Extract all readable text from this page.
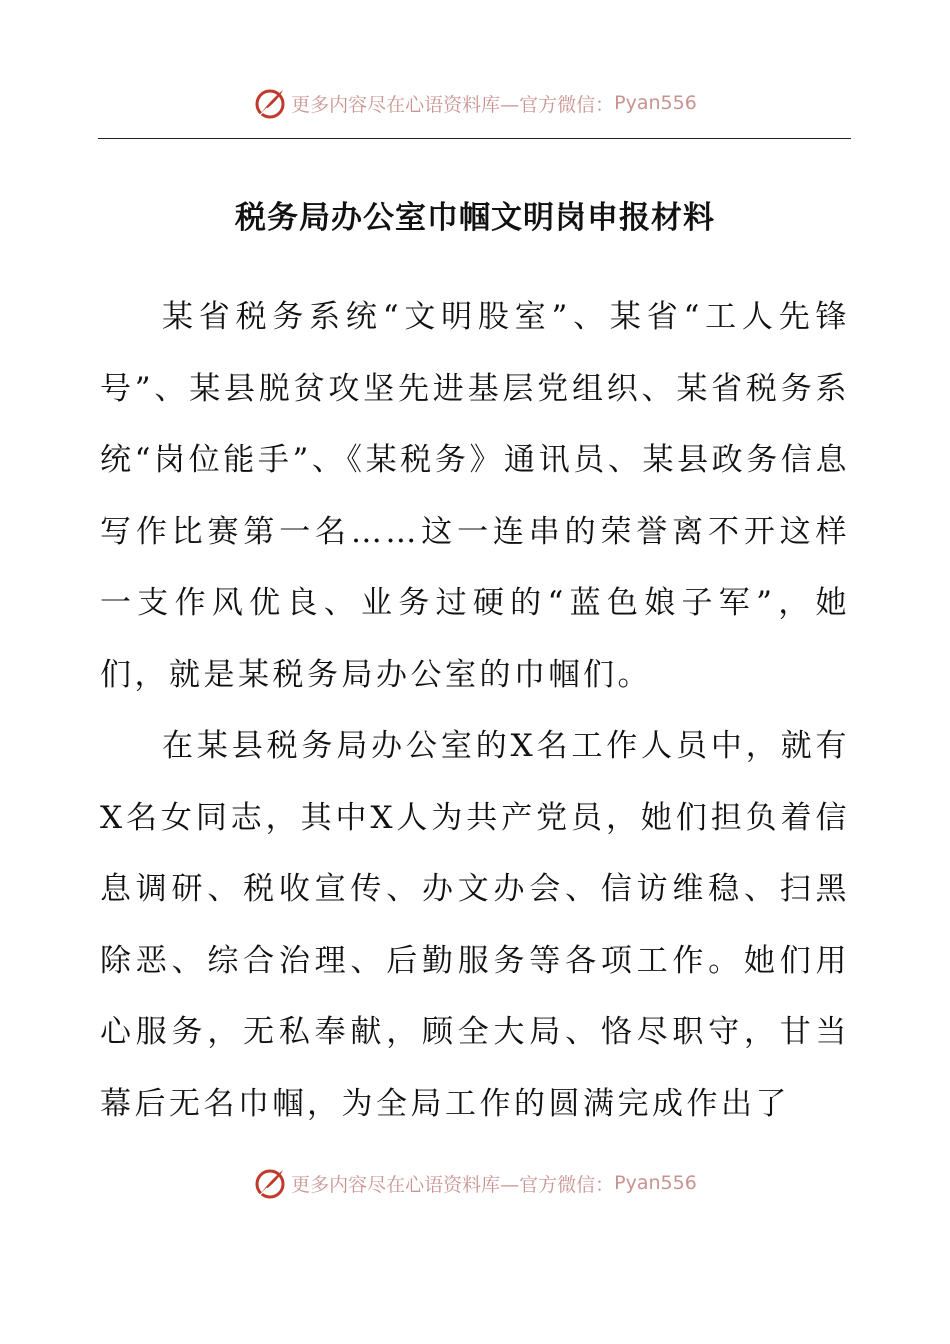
更多内容尽在心语资料库—官方微信： Pyan556
税务局办公室巾帼文明岗申报材料

某省税务系统“文明股室”、某省“工人先锋号”、某县脱贫攻坚先进基层党组织、某省税务系统“岗位能手”、《某税务》通讯员、某县政务信息写作比赛第一名……这一连串的荣誉离不开这样一支作风优良、业务过硬的“蓝色娘子军”，她们，就是某税务局办公室的巾帼们。

在某县税务局办公室的X名工作人员中，就有X名女同志，其中X人为共产党员，她们担负着信息调研、税收宣传、办文办会、信访维稳、扫黑除恶、综合治理、后勤服务等各项工作。她们用心服务，无私奉献，顾全大局、恪尽职守，甘当幕后无名巾帼，为全局工作的圆满完成作出了

更多内容尽在心语资料库—官方微信： Pyan556
